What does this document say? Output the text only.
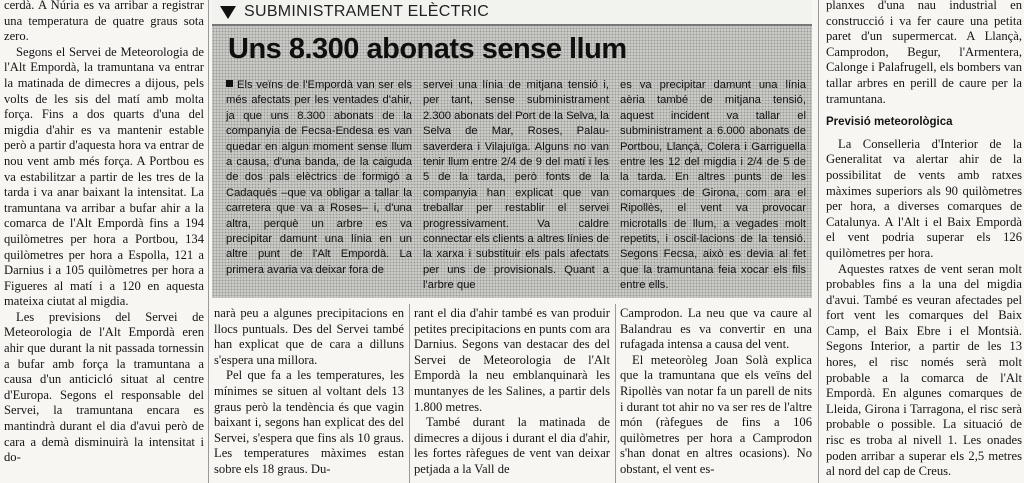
cerdà. A Núria es va arribar a registrar una temperatura de quatre graus sota zero.

Segons el Servei de Meteorologia de l'Alt Empordà, la tramuntana va entrar la matinada de dimecres a dijous, pels volts de les sis del matí amb molta força. Fins a dos quarts d'una del migdia d'ahir es va mantenir estable però a partir d'aquesta hora va entrar de nou vent amb més força. A Portbou es va estabilitzar a partir de les tres de la tarda i va anar baixant la intensitat. La tramuntana va arribar a bufar ahir a la comarca de l'Alt Empordà fins a 194 quilòmetres per hora a Portbou, 134 quilòmetres per hora a Espolla, 121 a Darnius i a 105 quilòmetres per hora a Figueres al matí i a 120 en aquesta mateixa ciutat al migdia.

Les previsions del Servei de Meteorologia de l'Alt Empordà eren ahir que durant la nit passada tornessin a bufar amb força la tramuntana a causa d'un anticicló situat al centre d'Europa. Segons el responsable del Servei, la tramuntana encara es mantindrà durant el dia d'avui però de cara a demà disminuirà la intensitat i do-

SUBMINISTRAMENT ELÈCTRIC
Uns 8.300 abonats sense llum

Els veïns de l'Empordà van ser els més afectats per les ventades d'ahir, ja que uns 8.300 abonats de la companyia de Fecsa-Endesa es van quedar en algun moment sense llum a causa, d'una banda, de la caiguda de dos pals elèctrics de formigó a Cadaqués –que va obligar a tallar la carretera que va a Roses– i, d'una altra, perquè un arbre es va precipitar damunt una línia en un altre punt de l'Alt Empordà. La primera avaria va deixar fora de

servei una línia de mitjana tensió i, per tant, sense subministrament 2.300 abonats del Port de la Selva, la Selva de Mar, Roses, Palau-saverdera i Vilajuïga. Alguns no van tenir llum entre 2/4 de 9 del matí i les 5 de la tarda, però fonts de la companyia han explicat que van treballar per restablir el servei progressivament. Va caldre connectar els clients a altres línies de la xarxa i substituir els pals afectats per uns de provisionals. Quant a l'arbre que

es va precipitar damunt una línia aèria també de mitjana tensió, aquest incident va tallar el subministrament a 6.000 abonats de Portbou, Llançà, Colera i Garriguella entre les 12 del migdia i 2/4 de 5 de la tarda. En altres punts de les comarques de Girona, com ara el Ripollès, el vent va provocar microtalls de llum, a vegades molt repetits, i oscil·lacions de la tensió. Segons Fecsa, això es devia al fet que la tramuntana feia xocar els fils entre ells.

narà peu a algunes precipitacions en llocs puntuals. Des del Servei també han explicat que de cara a dilluns s'espera una millora.

Pel que fa a les temperatures, les mínimes se situen al voltant dels 13 graus però la tendència és que vagin baixant i, segons han explicat des del Servei, s'espera que fins als 10 graus. Les temperatures màximes estan sobre els 18 graus. Du-

rant el dia d'ahir també es van produir petites precipitacions en punts com ara Darnius. Segons van destacar des del Servei de Meteorologia de l'Alt Empordà la neu emblanquinarà les muntanyes de les Salines, a partir dels 1.800 metres.

També durant la matinada de dimecres a dijous i durant el dia d'ahir, les fortes ràfegues de vent van deixar petjada a la Vall de

Camprodon. La neu que va caure al Balandrau es va convertir en una rufagada intensa a causa del vent.

El meteoròleg Joan Solà explica que la tramuntana que els veïns del Ripollès van notar fa un parell de nits i durant tot ahir no va ser res de l'altre món (ràfegues de fins a 106 quilòmetres per hora a Camprodon s'han donat en altres ocasions). No obstant, el vent es-

planxes d'una nau industrial en construcció i va fer caure una petita paret d'un supermercat. A Llançà, Camprodon, Begur, l'Armentera, Calonge i Palafrugell, els bombers van tallar arbres en perill de caure per la tramuntana.

Previsió meteorològica

La Conselleria d'Interior de la Generalitat va alertar ahir de la possibilitat de vents amb ratxes màximes superiors als 90 quilòmetres per hora, a diverses comarques de Catalunya. A l'Alt i el Baix Empordà el vent podria superar els 126 quilòmetres per hora.

Aquestes ratxes de vent seran molt probables fins a la una del migdia d'avui. També es veuran afectades pel fort vent les comarques del Baix Camp, el Baix Ebre i el Montsià. Segons Interior, a partir de les 13 hores, el risc només serà molt probable a la comarca de l'Alt Empordà. En algunes comarques de Lleida, Girona i Tarragona, el risc serà probable o possible. La situació de risc es troba al nivell 1. Les onades poden arribar a superar els 2,5 metres al nord del cap de Creus.
